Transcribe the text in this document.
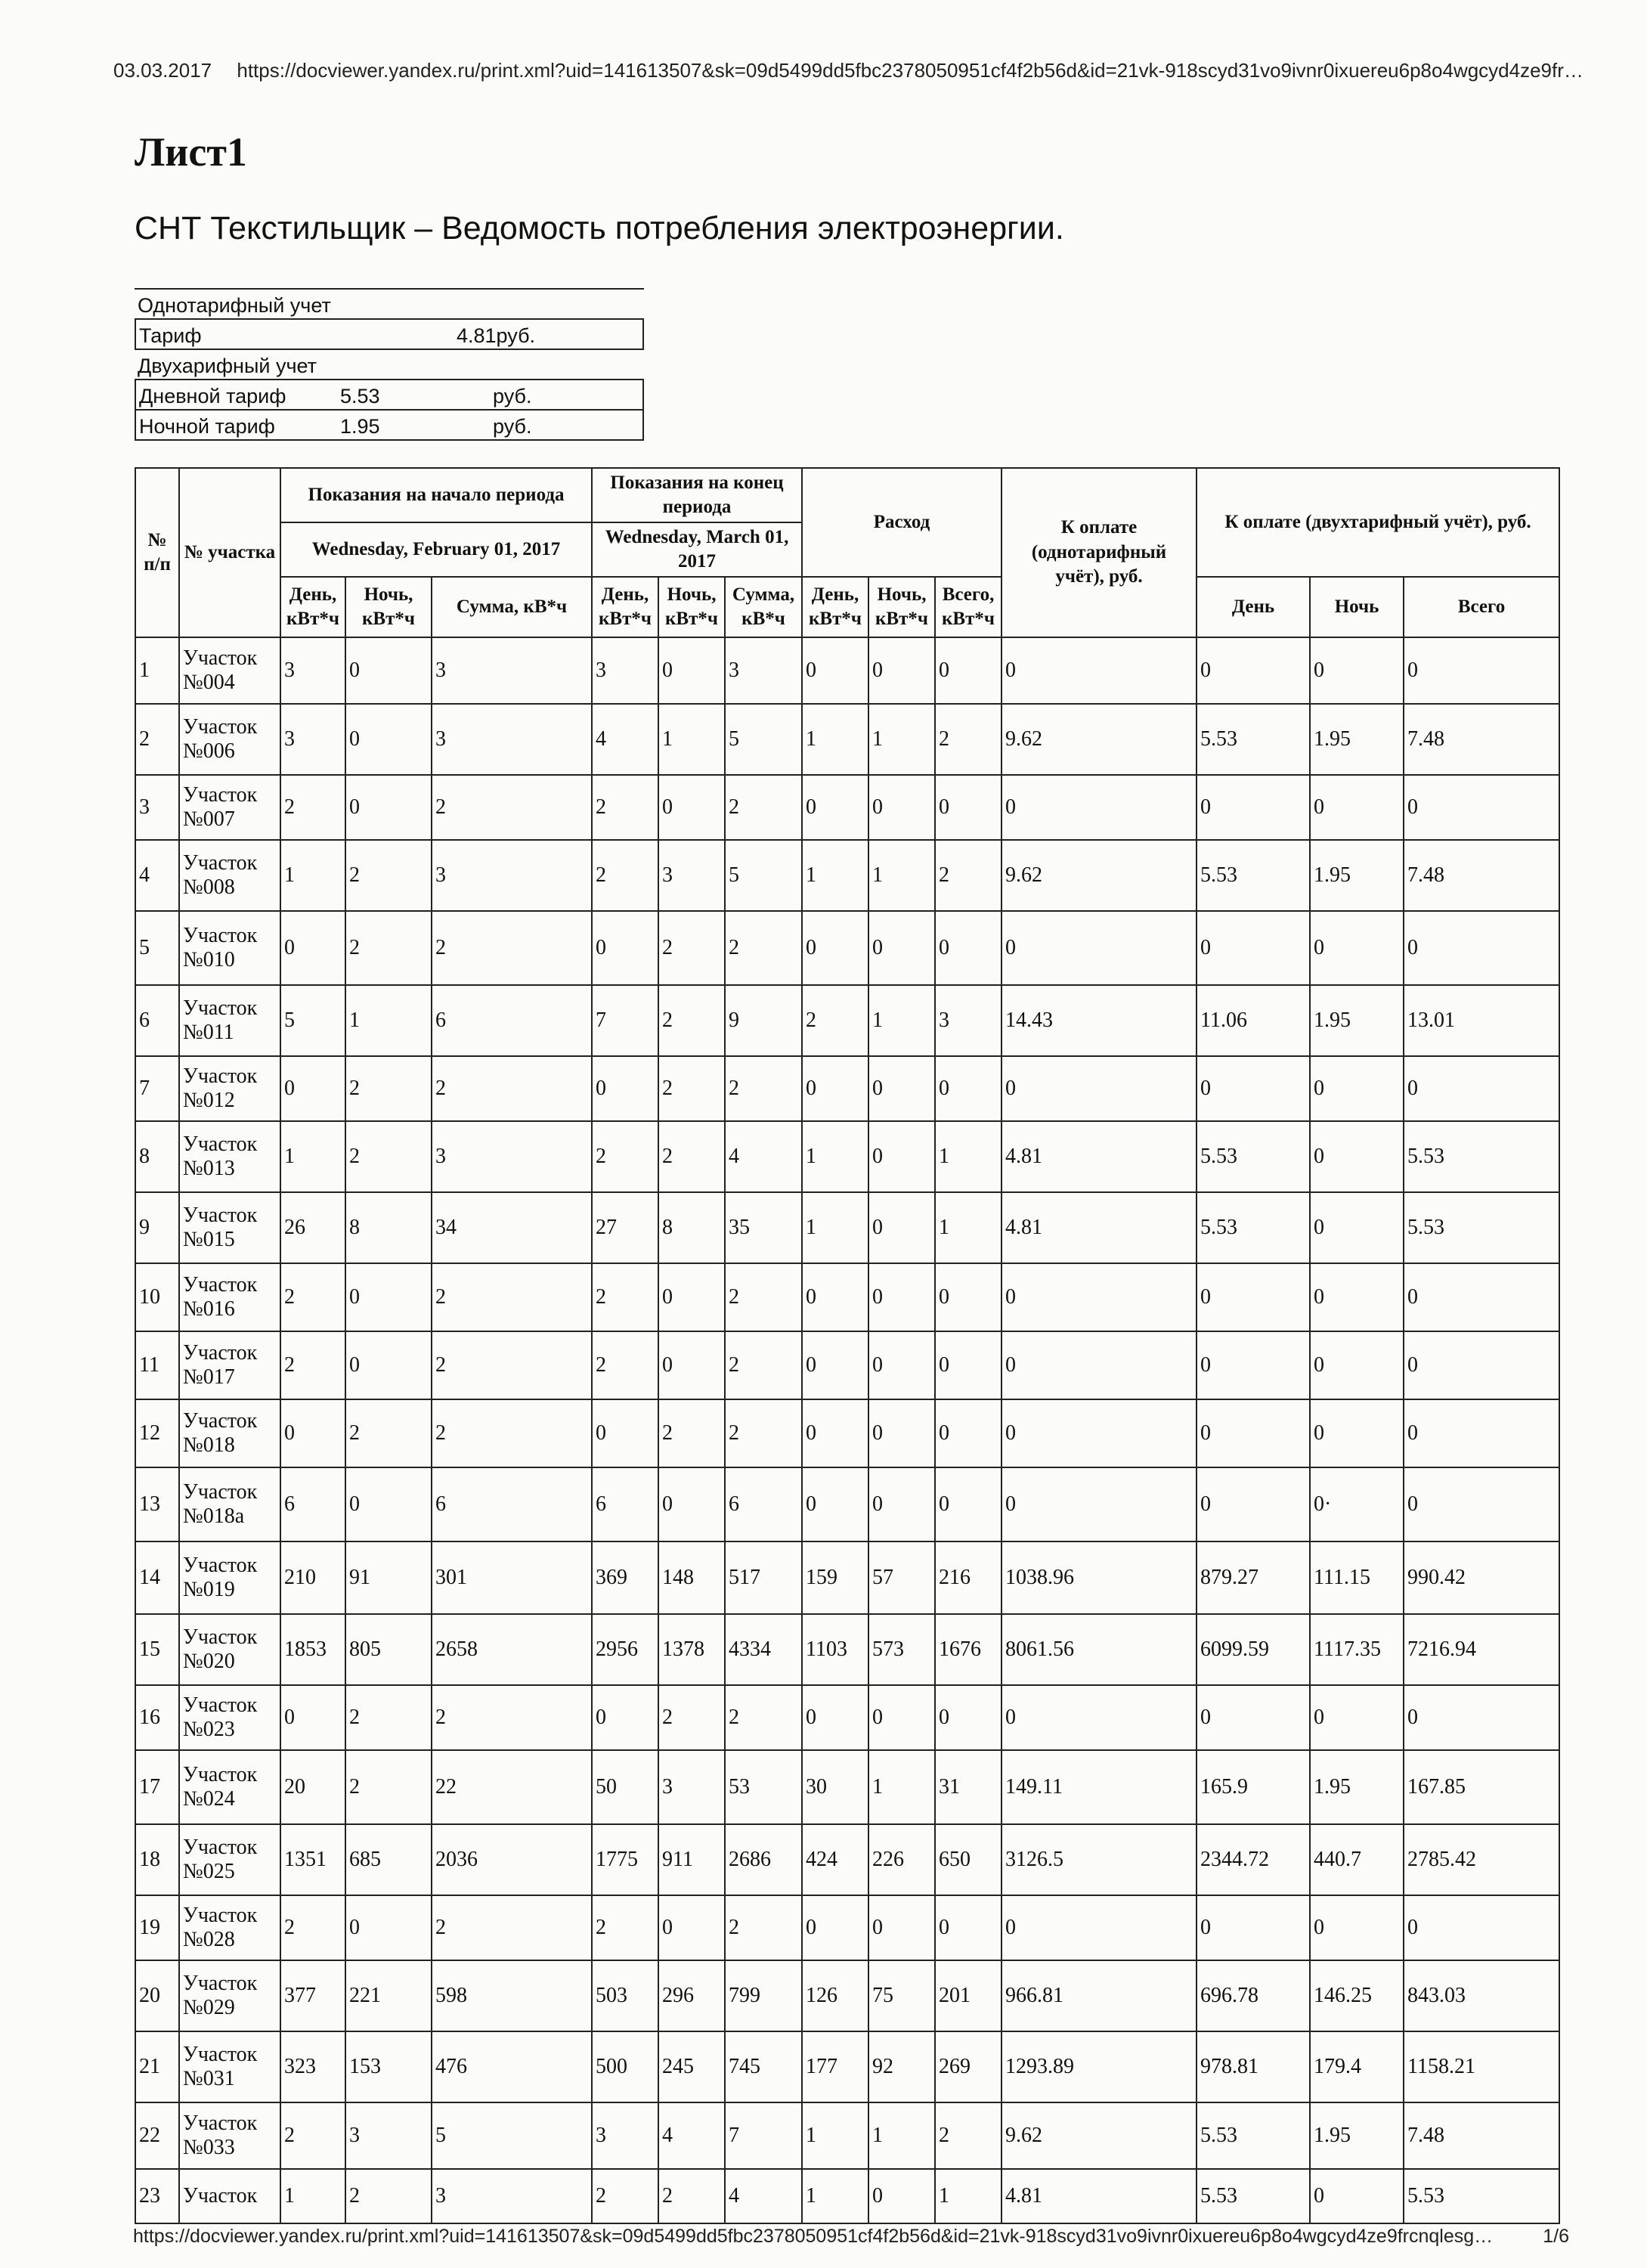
03.03.2017 https://docviewer.yandex.ru/print.xml?uid=141613507&sk=09d5499dd5fbc2378050951cf4f2b56d&id=21vk-918scyd31vo9ivnr0ixuereu6p8o4wgcyd4ze9fr…
Лист1
СНТ Текстильщик – Ведомость потребления электроэнергии.
Однотарифный учет
Тариф	4.81руб.
Двухарифный учет
Дневной тариф	5.53	руб.
Ночной тариф	1.95	руб.
№ п/п	№ участка	Показания на начало периода			Показания на конец периода			Расход			К оплате (однотарифный учёт), руб.	К оплате (двухтарифный учёт), руб.		
		Wednesday, February 01, 2017			Wednesday, March 01, 2017									
		День, кВт*ч	Ночь, кВт*ч	Сумма, кВ*ч	День, кВт*ч	Ночь, кВт*ч	Сумма, кВ*ч	День, кВт*ч	Ночь, кВт*ч	Всего, кВт*ч		День	Ночь	Всего
1	Участок №004	3	0	3	3	0	3	0	0	0	0	0	0	0
2	Участок №006	3	0	3	4	1	5	1	1	2	9.62	5.53	1.95	7.48
3	Участок №007	2	0	2	2	0	2	0	0	0	0	0	0	0
4	Участок №008	1	2	3	2	3	5	1	1	2	9.62	5.53	1.95	7.48
5	Участок №010	0	2	2	0	2	2	0	0	0	0	0	0	0
6	Участок №011	5	1	6	7	2	9	2	1	3	14.43	11.06	1.95	13.01
7	Участок №012	0	2	2	0	2	2	0	0	0	0	0	0	0
8	Участок №013	1	2	3	2	2	4	1	0	1	4.81	5.53	0	5.53
9	Участок №015	26	8	34	27	8	35	1	0	1	4.81	5.53	0	5.53
10	Участок №016	2	0	2	2	0	2	0	0	0	0	0	0	0
11	Участок №017	2	0	2	2	0	2	0	0	0	0	0	0	0
12	Участок №018	0	2	2	0	2	2	0	0	0	0	0	0	0
13	Участок №018а	6	0	6	6	0	6	0	0	0	0	0	0·	0
14	Участок №019	210	91	301	369	148	517	159	57	216	1038.96	879.27	111.15	990.42
15	Участок №020	1853	805	2658	2956	1378	4334	1103	573	1676	8061.56	6099.59	1117.35	7216.94
16	Участок №023	0	2	2	0	2	2	0	0	0	0	0	0	0
17	Участок №024	20	2	22	50	3	53	30	1	31	149.11	165.9	1.95	167.85
18	Участок №025	1351	685	2036	1775	911	2686	424	226	650	3126.5	2344.72	440.7	2785.42
19	Участок №028	2	0	2	2	0	2	0	0	0	0	0	0	0
20	Участок №029	377	221	598	503	296	799	126	75	201	966.81	696.78	146.25	843.03
21	Участок №031	323	153	476	500	245	745	177	92	269	1293.89	978.81	179.4	1158.21
22	Участок №033	2	3	5	3	4	7	1	1	2	9.62	5.53	1.95	7.48
23	Участок	1	2	3	2	2	4	1	0	1	4.81	5.53	0	5.53
https://docviewer.yandex.ru/print.xml?uid=141613507&sk=09d5499dd5fbc2378050951cf4f2b56d&id=21vk-918scyd31vo9ivnr0ixuereu6p8o4wgcyd4ze9frcnqlesg…	1/6
